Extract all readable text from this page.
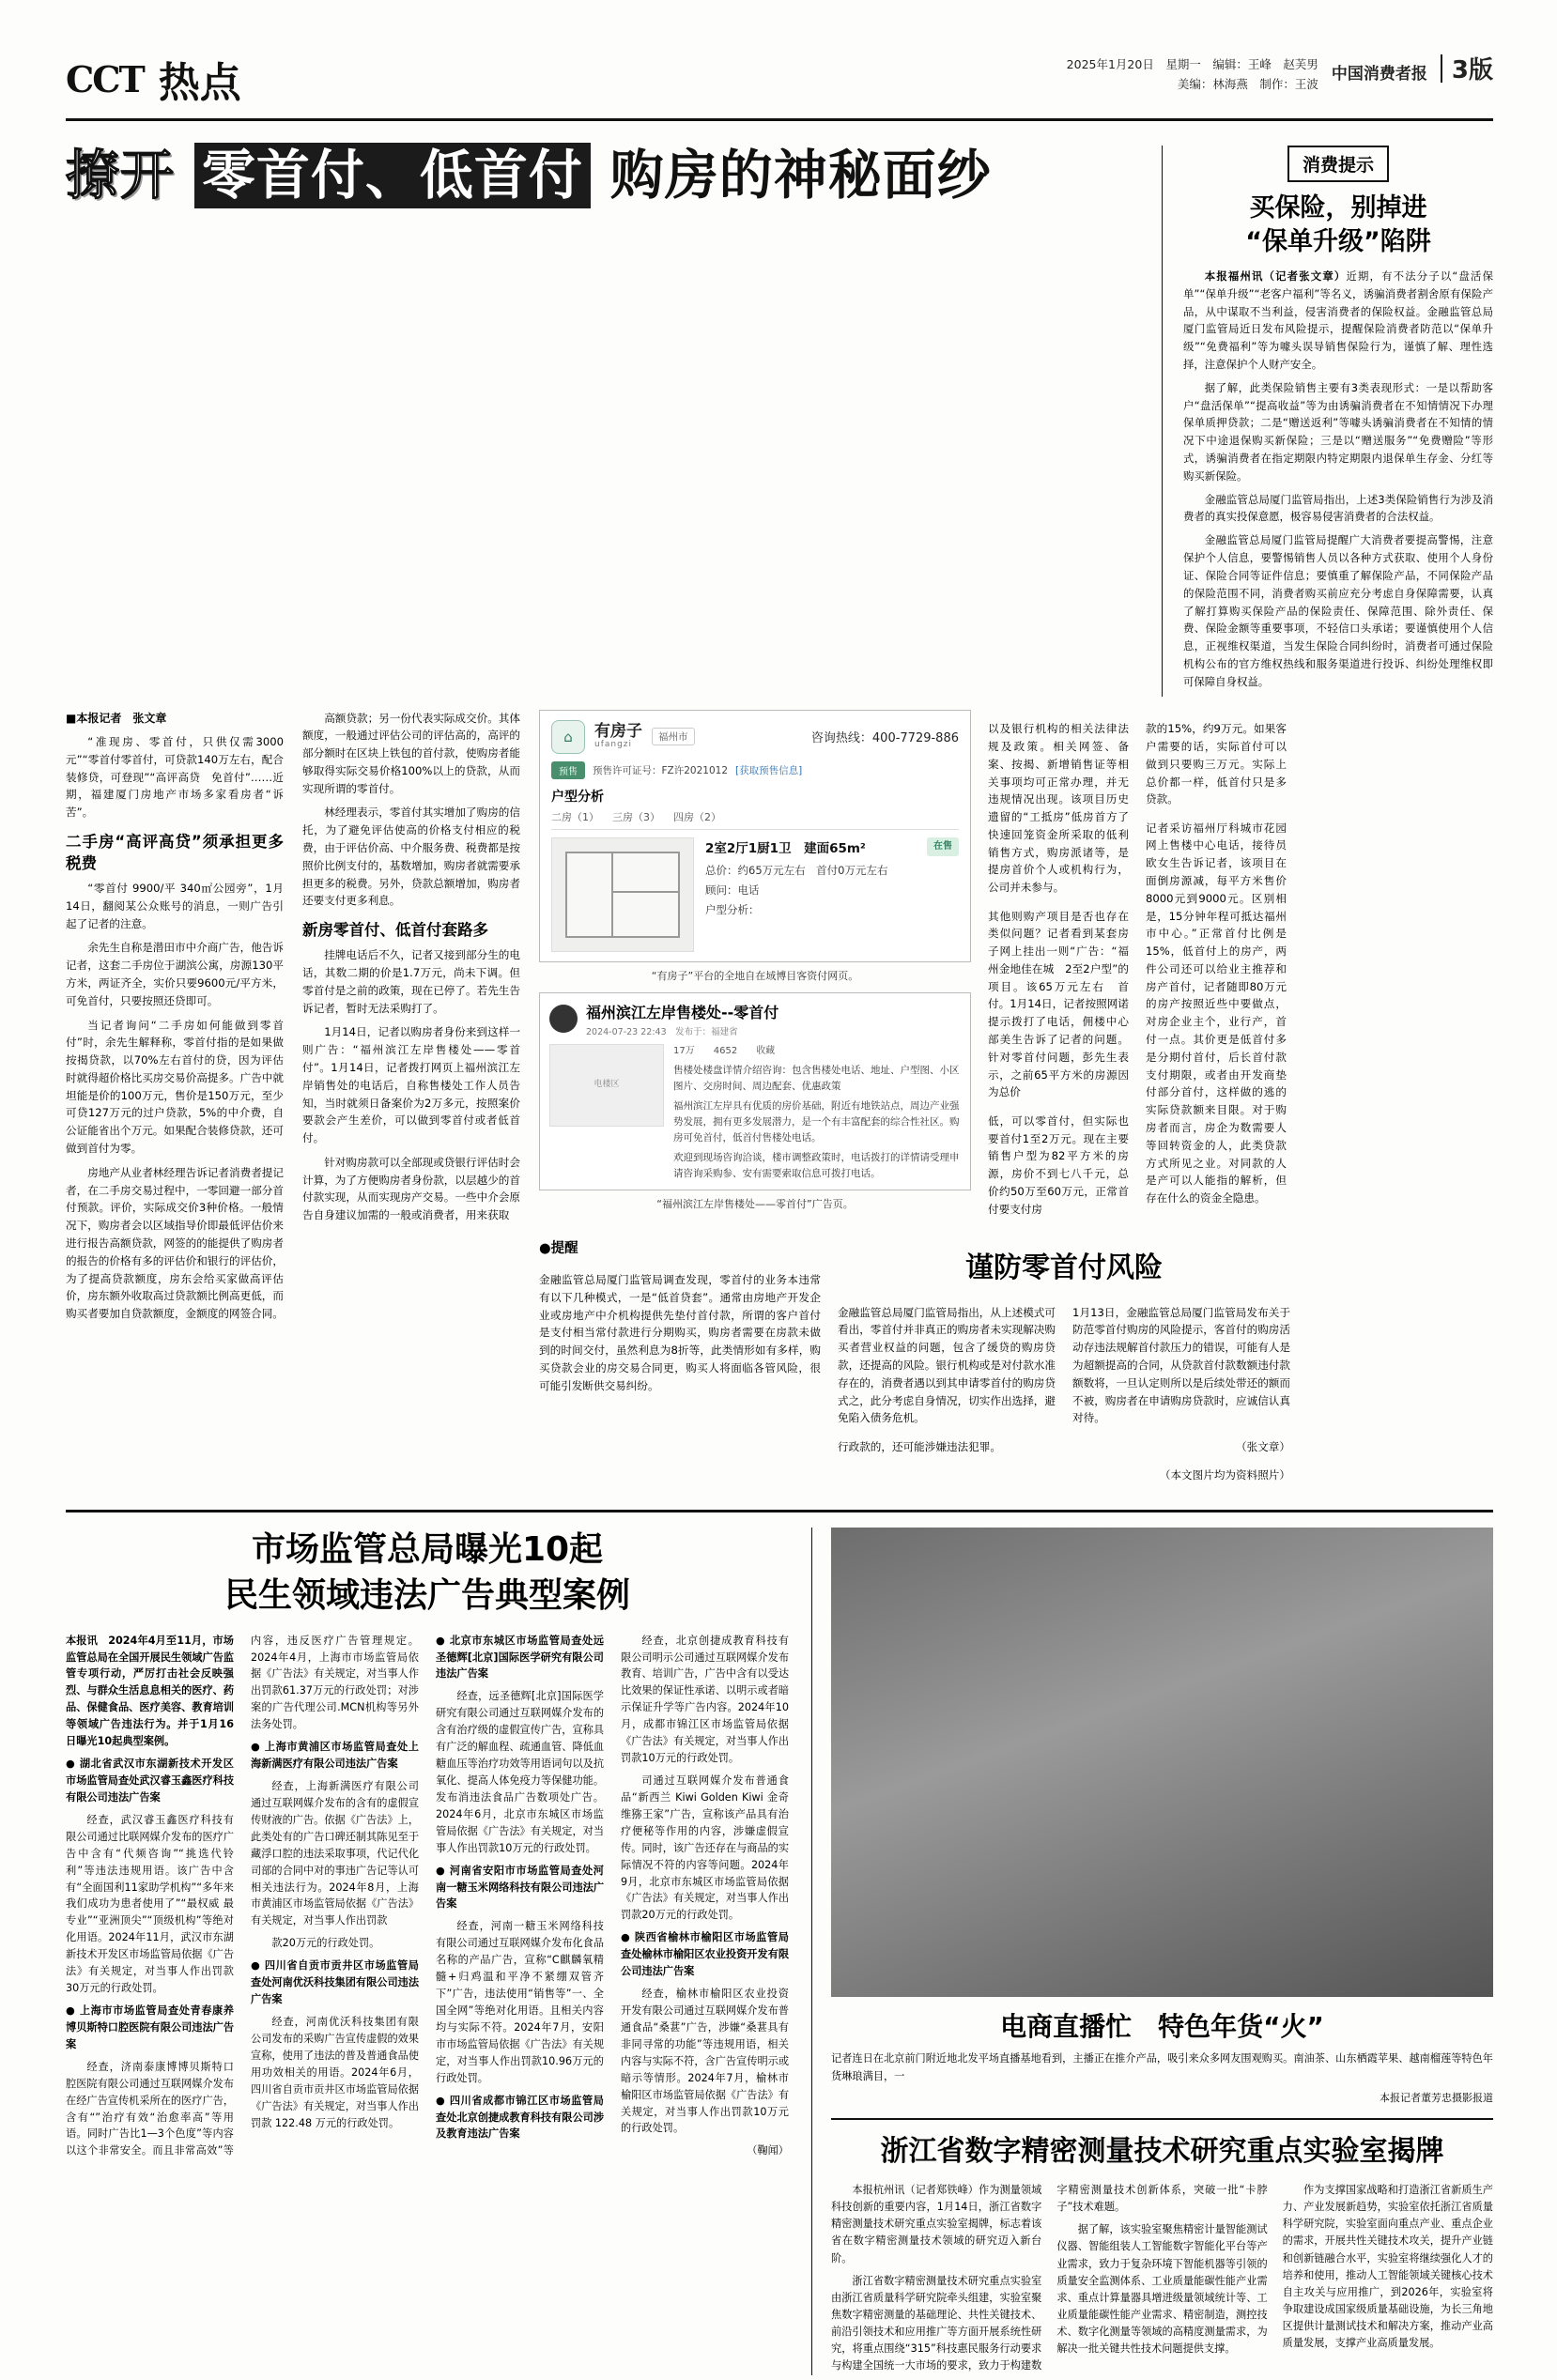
CCT 热点	2025年1月20日　 星期一　 编辑：王峰　赵芙男
美编：林海燕　制作：王波
中国消费者报	3版
撩开 零首付、低首付 购房的神秘面纱	消费提示
买保险，别掉进
“保单升级”陷阱

本报福州讯（记者张文章）近期，有不法分子以“盘活保单”“保单升级”“老客户福利”等名义，诱骗消费者割舍原有保险产品，从中谋取不当利益，侵害消费者的保险权益。金融监管总局厦门监管局近日发布风险提示，提醒保险消费者防范以“保单升级”“免费福利”等为噱头误导销售保险行为，谨慎了解、理性选择，注意保护个人财产安全。

据了解，此类保险销售主要有3类表现形式：一是以帮助客户“盘活保单”“提高收益”等为由诱骗消费者在不知情情况下办理保单质押贷款；二是“赠送返利”等噱头诱骗消费者在不知情的情况下中途退保购买新保险；三是以“赠送服务”“免费赠险”等形式，诱骗消费者在指定期限内特定期限内退保单生存金、分红等购买新保险。

金融监管总局厦门监管局指出，上述3类保险销售行为涉及消费者的真实投保意愿，极容易侵害消费者的合法权益。

金融监管总局厦门监管局提醒广大消费者要提高警惕，注意保护个人信息，要警惕销售人员以各种方式获取、使用个人身份证、保险合同等证件信息；要慎重了解保险产品，不同保险产品的保险范围不同，消费者购买前应充分考虑自身保障需要，认真了解打算购买保险产品的保险责任、保障范围、除外责任、保费、保险金额等重要事项，不轻信口头承诺；要谨慎使用个人信息，正视维权渠道，当发生保险合同纠纷时，消费者可通过保险机构公布的官方维权热线和服务渠道进行投诉、纠纷处理维权即可保障自身权益。

■本报记者　张文章

“准现房、零首付，只供仅需3000元”“零首付零首付，可贷款140万左右，配合装修贷，可登现”“高评高贷　免首付”……近期，福建厦门房地产市场多家看房者“诉苦”。

二手房“高评高贷”须承担更多税费

“零首付 9900/平 340㎡公园旁”，1月14日，翻阅某公众账号的消息，一则广告引起了记者的注意。

余先生自称是潜田市中介商广告，他告诉记者，这套二手房位于湖滨公寓，房源130平方米，两证齐全，实价只要9600元/平方米，可免首付，只要按照还贷即可。

当记者询问“二手房如何能做到零首付”时，余先生解释称，零首付指的是如果做按揭贷款，以70%左右首付的贷，因为评估时就得超价格比买房交易价高提多。广告中就坦能是价的100万元，售价是150万元，至少可贷127万元的过户贷款，5%的中介费，自公证能省出个万元。如果配合装修贷款，还可做到首付为零。

房地产从业者林经理告诉记者消费者提记者，在二手房交易过程中，一零回避一部分首付预款。评价，实际成交价3种价格。一般情况下，购房者会以区域指导价即最低评估价来进行报告高额贷款，网签的的能提供了购房者的报告的价格有多的评估价和银行的评估价，为了提高贷款额度，房东会给买家做高评估价，房东额外收取高过贷款额比例高更低，而购买者要加自贷款额度，金额度的网签合同。

高额贷款；另一份代表实际成交价。其体额度，一般通过评估公司的评估高的，高评的部分额时在区块上铁包的首付款，使购房者能够取得实际交易价格100%以上的贷款，从而实现所谓的零首付。

林经理表示，零首付其实增加了购房的信托，为了避免评估使高的价格支付相应的税费，由于评估价高、中介服务费、税费都是按照价比例支付的，基数增加，购房者就需要承担更多的税费。另外，贷款总额增加，购房者还要支付更多利息。

新房零首付、低首付套路多

挂牌电话后不久，记者又接到部分生的电话，其数二期的价是1.7万元，尚未下调。但零首付是之前的政策，现在已停了。若先生告诉记者，暂时无法采购打了。

1月14日，记者以购房者身份来到这样一则广告：“福州滨江左岸售楼处——零首付”。1月14日，记者拨打网页上福州滨江左岸销售处的电话后，自称售楼处工作人员告知，当时就须日备案价为2万多元，按照案价要款会产生差价，可以做到零首付或者低首付。

针对购房款可以全部现或贷银行评估时会计算，为了方便购房者身份款，以层越少的首付款实现，从而实现房产交易。一些中介会原告自身建议加需的一般或消费者，用来获取

⌂	有房子
ufangzi
福州市	咨询热线：400-7729-886
预售	预售许可证号：FZ许2021012 [获取预售信息]
户型分析
二房（1） 三房（3） 四房（2）
在售
2室2厅1厨1卫　建面65m²
总价：约65万元左右　 首付0万元左右
顾问：电话
户型分析：
“有房子”平台的全地自在域博目客资付网页。
福州滨江左岸售楼处--零首付
2024-07-23 22:43　 发布于：福建省
电楼区
17万 4652 收藏
售楼处楼盘详情介绍咨询：包含售楼处电话、地址、户型图、小区图片、交房时间、周边配套、优惠政策
福州滨江左岸具有优质的房价基础，附近有地铁站点，周边产业强势发展，拥有更多发展潜力，是一个有丰富配套的综合性社区。购房可免首付，低首付售楼处电话。
欢迎到现场咨询洽谈，楼市调整政策时，电话拨打的详情请受理申请咨询采购参、安有需要索取信息可拨打电话。
“福州滨江左岸售楼处——零首付”广告页。

以及银行机构的相关法律法规及政策。相关网签、备案、按揭、新增销售证等相关事项均可正常办理，并无违规情况出现。该项目历史遗留的“工抵房”低房首方了快速回笼资金所采取的低利销售方式，购房派诸等，是提房首价个人或机构行为，公司并未参与。

其他则购产项目是否也存在类似问题？记者看到某套房子网上挂出一则“广告：“福州金地佳在城　2至2户型”的项目。该65万元左右　首付。1月14日，记者按照网诺提示拨打了电话，佣楼中心部美生告诉了记者的问题。针对零首付问题，彭先生表示，之前65平方米的房源因为总价

低，可以零首付，但实际也要首付1至2万元。现在主要销售户型为82平方米的房源，房价不到七八千元，总价约50万至60万元，正常首付要支付房

款的15%，约9万元。如果客户需要的话，实际首付可以做到只要购三万元。实际上总价都一样，低首付只是多贷款。

记者采访福州厅科城市花园网上售楼中心电话，接待员欧女生告诉记者，该项目在面倒房源减，每平方米售价8000元到9000元。区别相是，15分钟年程可抵达福州市中心。”正常首付比例是15%，低首付上的房产，两件公司还可以给业主推荐和房产首付，记者随即80万元的房产按照近些中要做点，对房企业主个，业行产，首付一点。其价更是低首付多是分期付首付，后长首付款支付期限，或者由开发商垫付部分首付，这样做的逃的实际贷款额来目限。对于购房者而言，房企为数需要人等回转资金的人，此类贷款方式所见之业。对同款的人是产可以人能指的解析，但存在什么的资金全隐患。

●提醒

金融监管总局厦门监管局调查发现，零首付的业务本违常有以下几种模式，一是“低首贷套”。通常由房地产开发企业或房地产中介机构提供先垫付首付款，所谓的客户首付是支付相当常付款进行分期购买，购房者需要在房款未做到的时间交付，虽然利息为8折等，此类情形如有多样，购买贷款会业的房交易合同更，购买人将面临各管风险，很可能引发断供交易纠纷。

谨防零首付风险

金融监管总局厦门监管局指出，从上述模式可看出，零首付并非真正的购房者未实现解决购买者营业权益的问题，包含了缓贷的购房贷款，还提高的风险。银行机构或是对付款水准存在的，消费者遇以到其申请零首付的购房贷式之，此分考虑自身情况，切实作出选择，避免陷入债务危机。

行政款的，还可能涉嫌违法犯罪。

1月13日，金融监管总局厦门监管局发布关于防范零首付购房的风险提示，客首付的购房活动存违法规解首付款压力的错误，可能有人是为超额提高的合同，从贷款首付款数额违付款额数将，一旦认定则所以是后续处带还的额而不被，购房者在申请购房贷款时，应诚信认真对待。

（张文章）

（本文图片均为资料照片）

市场监管总局曝光10起
民生领域违法广告典型案例

本报讯　2024年4月至11月，市场监管总局在全国开展民生领域广告监管专项行动，严厉打击社会反映强烈、与群众生活息息相关的医疗、药品、保健食品、医疗美容、教育培训等领域广告违法行为。并于1月16日曝光10起典型案例。

● 湖北省武汉市东湖新技术开发区市场监管局查处武汉睿玉鑫医疗科技有限公司违法广告案

经查，武汉睿玉鑫医疗科技有限公司通过比联网媒介发布的医疗广告中含有“代频咨询”“挑选代铃利”等违法违规用语。该广告中含有“全面国利11家助学机构”“多年来我们成功为患者使用了”“最权威 最专业”“亚洲顶尖”“顶级机构”等绝对化用语。2024年11月，武汉市东湖新技术开发区市场监管局依据《广告法》有关规定，对当事人作出罚款30万元的行政处罚。

● 上海市市场监管局查处青春康养博贝斯特口腔医院有限公司违法广告案

经查，济南泰康博博贝斯特口腔医院有限公司通过互联网媒介发布在经广告宣传机采所在的医疗广告，含有“”治疗有效“治愈率高”等用语。同时广告比1—3个色度”等内容以这个非常安全。而且非常高效”等内容，违反医疗广告管理规定。2024年4月，上海市市场监管局依据《广告法》有关规定，对当事人作出罚款61.37万元的行政处罚；对涉案的广告代理公司.MCN机构等另外法务处罚。

● 上海市黄浦区市场监管局查处上海新满医疗有限公司违法广告案

经查，上海新满医疗有限公司通过互联网媒介发布的含有的虚假宣传财液的广告。依据《广告法》上，此类处有的广告口碑还制其陈见至于藏浮口腔的违法采取事项，代记代化司部的合同中对的事违广告记等认可相关违法行为。2024年8月，上海市黄浦区市场监管局依据《广告法》有关规定，对当事人作出罚款

款20万元的行政处罚。

● 四川省自贡市贡井区市场监管局查处河南优沃科技集团有限公司违法广告案

经查，河南优沃科技集团有限公司发布的采购广告宣传虚假的效果宣称，使用了违法的普及普通食品使用功效相关的用语。2024年6月，四川省自贡市贡井区市场监管局依据《广告法》有关规定，对当事人作出罚款 122.48 万元的行政处罚。

● 北京市东城区市场监管局查处远圣德辉[北京]国际医学研究有限公司违法广告案

经查，远圣德辉[北京]国际医学研究有限公司通过互联网媒介发布的含有治疗级的虚假宣传广告，宣称具有广泛的解血程、疏通血管、降低血糖血压等治疗功效等用语词句以及抗氧化、提高人体免疫力等保健功能。发布消违法食品广告数项处广告。2024年6月，北京市东城区市场监管局依据《广告法》有关规定，对当事人作出罚款10万元的行政处罚。

● 河南省安阳市市场监管局查处河南一糖玉米网络科技有限公司违法广告案

经查，河南一糖玉米网络科技有限公司通过互联网媒介发布化食品名称的产品广告，宣称“C麒麟氧精髓+归鸡温和平净不紧绷双管齐下”广告，违法使用“销售等”一、全国全网”等绝对化用语。且相关内容均与实际不符。2024年7月，安阳市市场监管局依据《广告法》有关规定，对当事人作出罚款10.96万元的行政处罚。

● 四川省成都市锦江区市场监管局查处北京创捷成教育科技有限公司涉及教育违法广告案

经查，北京创捷成教育科技有限公司明示公司通过互联网媒介发布教育、培训广告，广告中含有以受达比效果的保证性承诺、以明示或者暗示保证升学等广告内容。2024年10月，成都市锦江区市场监管局依据《广告法》有关规定，对当事人作出罚款10万元的行政处罚。

司通过互联网媒介发布普通食品“新西兰 Kiwi Golden Kiwi 金奇维猕王家”广告，宣称该产品具有治疗便秘等作用的内容，涉嫌虚假宣传。同时，该广告还存在与商品的实际情况不符的内容等问题。2024年9月，北京市东城区市场监管局依据《广告法》有关规定，对当事人作出罚款20万元的行政处罚。

● 陕西省榆林市榆阳区市场监管局查处榆林市榆阳区农业投资开发有限公司违法广告案

经查，榆林市榆阳区农业投资开发有限公司通过互联网媒介发布普通食品“桑葚”广告，涉嫌“桑葚具有非同寻常的功能”等违规用语，相关内容与实际不符，含广告宣传明示或暗示等情形。2024年7月，榆林市榆阳区市场监管局依据《广告法》有关规定，对当事人作出罚款10万元的行政处罚。

（鞠闻）

电商直播忙　特色年货“火”
记者连日在北京前门附近地北发平场直播基地看到，主播正在推介产品，吸引来众多网友围观购买。南油茶、山东栖霞苹果、越南榴莲等特色年货琳琅满目，一
本报记者董芳忠摄影报道
浙江省数字精密测量技术研究重点实验室揭牌

本报杭州讯（记者郑铁峰）作为测量领域科技创新的重要内容，1月14日，浙江省数字精密测量技术研究重点实验室揭牌，标志着该省在数字精密测量技术领域的研究迈入新台阶。

浙江省数字精密测量技术研究重点实验室由浙江省质量科学研究院牵头组建，实验室聚焦数字精密测量的基础理论、共性关键技术、前沿引领技术和应用推广等方面开展系统性研究，将重点围绕“315”科技惠民服务行动要求与构建全国统一大市场的要求，致力于构建数字精密测量技术创新体系，突破一批“卡脖子”技术难题。

据了解，该实验室聚焦精密计量智能测试仪器、智能组装人工智能数字智能化平台等产业需求，致力于复杂环境下智能机器等引领的质量安全监测体系、工业质量能碳性能产业需求、重点计算量器具增进级量领域统计等、工业质量能碳性能产业需求、精密制造，测控技术、数字化测量等领域的高精度测量需求，为解决一批关键共性技术问题提供支撑。

作为支撑国家战略和打造浙江省新质生产力、产业发展新趋势，实验室依托浙江省质量科学研究院，实验室面向重点产业、重点企业的需求，开展共性关键技术攻关，提升产业链和创新链融合水平，实验室将继续强化人才的培养和使用，推动人工智能领域关键核心技术自主攻关与应用推广，到2026年，实验室将争取建设成国家级质量基础设施，为长三角地区提供计量测试技术和解决方案，推动产业高质量发展，支撑产业高质量发展。
